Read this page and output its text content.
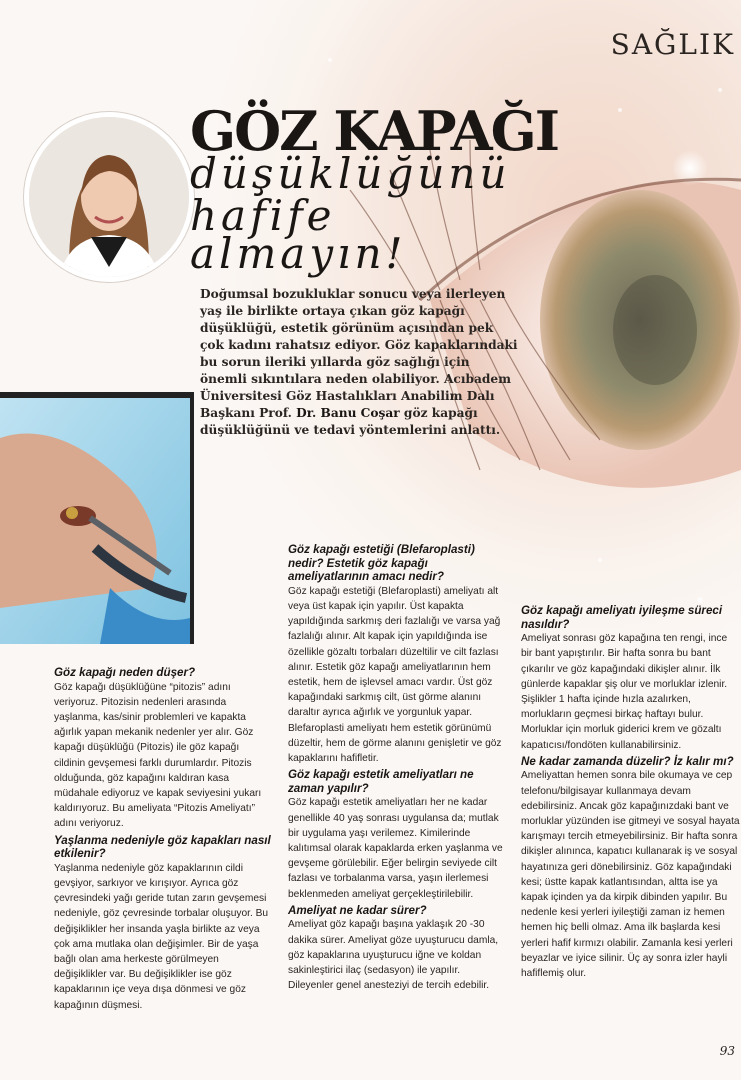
SAĞLIK
GÖZ KAPAĞI
düşüklüğünü
hafife
almayın!
Doğumsal bozukluklar sonucu veya ilerleyen yaş ile birlikte ortaya çıkan göz kapağı düşüklüğü, estetik görünüm açısından pek çok kadını rahatsız ediyor. Göz kapaklarındaki bu sorun ileriki yıllarda göz sağlığı için önemli sıkıntılara neden olabiliyor. Acıbadem Üniversitesi Göz Hastalıkları Anabilim Dalı Başkanı Prof. Dr. Banu Coşar göz kapağı düşüklüğünü ve tedavi yöntemlerini anlattı.

Göz kapağı neden düşer?

Göz kapağı düşüklüğüne “pitozis” adını veriyoruz. Pitozisin nedenleri arasında yaşlanma, kas/sinir problemleri ve kapakta ağırlık yapan mekanik nedenler yer alır. Göz kapağı düşüklüğü (Pitozis) ile göz kapağı cildinin gevşemesi farklı durumlardır. Pitozis olduğunda, göz kapağını kaldıran kasa müdahale ediyoruz ve kapak seviyesini yukarı kaldırıyoruz. Bu ameliyata “Pitozis Ameliyatı” adını veriyoruz.

Yaşlanma nedeniyle göz kapakları nasıl etkilenir?

Yaşlanma nedeniyle göz kapaklarının cildi gevşiyor, sarkıyor ve kırışıyor. Ayrıca göz çevresindeki yağı geride tutan zarın gevşemesi nedeniyle, göz çevresinde torbalar oluşuyor. Bu değişiklikler her insanda yaşla birlikte az veya çok ama mutlaka olan değişimler. Bir de yaşa bağlı olan ama herkeste görülmeyen değişiklikler var. Bu değişiklikler ise göz kapaklarının içe veya dışa dönmesi ve göz kapağının düşmesi.

Göz kapağı estetiği (Blefaroplasti) nedir? Estetik göz kapağı ameliyatlarının amacı nedir?

Göz kapağı estetiği (Blefaroplasti) ameliyatı alt veya üst kapak için yapılır. Üst kapakta yapıldığında sarkmış deri fazlalığı ve varsa yağ fazlalığı alınır. Alt kapak için yapıldığında ise özellikle gözaltı torbaları düzeltilir ve cilt fazlası alınır. Estetik göz kapağı ameliyatlarının hem estetik, hem de işlevsel amacı vardır. Üst göz kapağındaki sarkmış cilt, üst görme alanını daraltır ayrıca ağırlık ve yorgunluk yapar. Blefaroplasti ameliyatı hem estetik görünümü düzeltir, hem de görme alanını genişletir ve göz kapaklarını hafifletir.

Göz kapağı estetik ameliyatları ne zaman yapılır?

Göz kapağı estetik ameliyatları her ne kadar genellikle 40 yaş sonrası uygulansa da; mutlak bir uygulama yaşı verilemez. Kimilerinde kalıtımsal olarak kapaklarda erken yaşlanma ve gevşeme görülebilir. Eğer belirgin seviyede cilt fazlası ve torbalanma varsa, yaşın ilerlemesi beklenmeden ameliyat gerçekleştirilebilir.

Ameliyat ne kadar sürer?

Ameliyat göz kapağı başına yaklaşık 20 -30 dakika sürer. Ameliyat göze uyuşturucu damla, göz kapaklarına uyuşturucu iğne ve koldan sakinleştirici ilaç (sedasyon) ile yapılır. Dileyenler genel anesteziyi de tercih edebilir.

Göz kapağı ameliyatı iyileşme süreci nasıldır?

Ameliyat sonrası göz kapağına ten rengi, ince bir bant yapıştırılır. Bir hafta sonra bu bant çıkarılır ve göz kapağındaki dikişler alınır. İlk günlerde kapaklar şiş olur ve morluklar izlenir. Şişlikler 1 hafta içinde hızla azalırken, morlukların geçmesi birkaç haftayı bulur. Morluklar için morluk giderici krem ve gözaltı kapatıcısı/fondöten kullanabilirsiniz.

Ne kadar zamanda düzelir? İz kalır mı?

Ameliyattan hemen sonra bile okumaya ve cep telefonu/bilgisayar kullanmaya devam edebilirsiniz. Ancak göz kapağınızdaki bant ve morluklar yüzünden ise gitmeyi ve sosyal hayata karışmayı tercih etmeyebilirsiniz. Bir hafta sonra dikişler alınınca, kapatıcı kullanarak iş ve sosyal hayatınıza geri dönebilirsiniz. Göz kapağındaki kesi; üstte kapak katlantısından, altta ise ya kapak içinden ya da kirpik dibinden yapılır. Bu nedenle kesi yerleri iyileştiği zaman iz hemen hemen hiç belli olmaz. Ama ilk başlarda kesi yerleri hafif kırmızı olabilir. Zamanla kesi yerleri beyazlar ve iyice silinir. Üç ay sonra izler hayli hafiflemiş olur.

93
